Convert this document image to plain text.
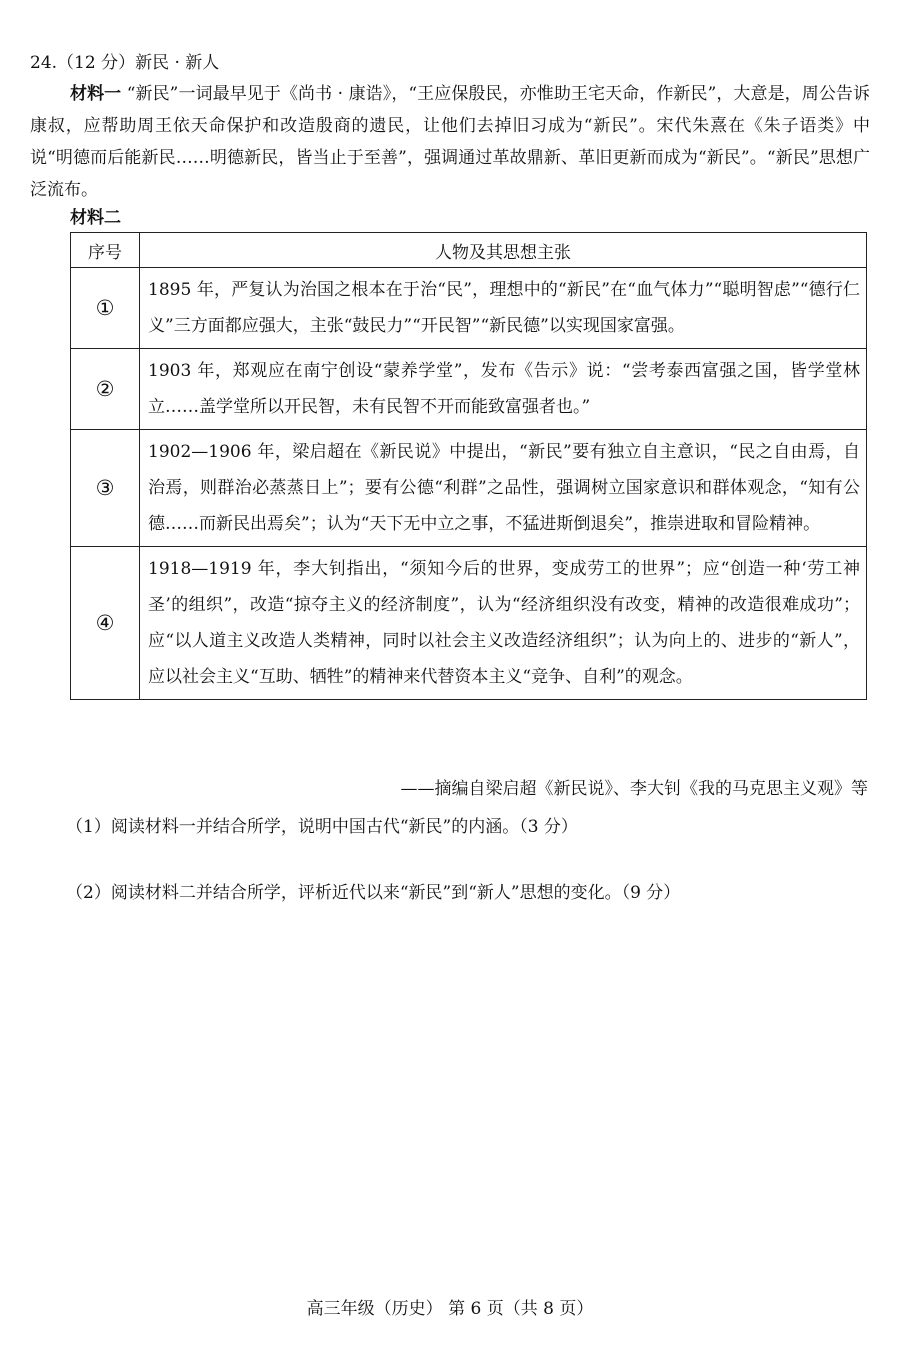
24.（12 分）新民 · 新人
材料一 “新民”一词最早见于《尚书 · 康诰》，“王应保殷民，亦惟助王宅天命，作新民”，大意是，周公告诉康叔，应帮助周王依天命保护和改造殷商的遗民，让他们去掉旧习成为“新民”。宋代朱熹在《朱子语类》中说“明德而后能新民……明德新民，皆当止于至善”，强调通过革故鼎新、革旧更新而成为“新民”。“新民”思想广泛流布。
材料二
序号	人物及其思想主张
①	1895 年，严复认为治国之根本在于治“民”，理想中的“新民”在“血气体力”“聪明智虑”“德行仁义”三方面都应强大，主张“鼓民力”“开民智”“新民德”以实现国家富强。
②	1903 年，郑观应在南宁创设“蒙养学堂”，发布《告示》说：“尝考泰西富强之国，皆学堂林立……盖学堂所以开民智，未有民智不开而能致富强者也。”
③	1902—1906 年，梁启超在《新民说》中提出，“新民”要有独立自主意识，“民之自由焉，自治焉，则群治必蒸蒸日上”；要有公德“利群”之品性，强调树立国家意识和群体观念，“知有公德……而新民出焉矣”；认为“天下无中立之事，不猛进斯倒退矣”，推崇进取和冒险精神。
④	1918—1919 年，李大钊指出，“须知今后的世界，变成劳工的世界”；应“创造一种‘劳工神圣’的组织”，改造“掠夺主义的经济制度”，认为“经济组织没有改变，精神的改造很难成功”；应“以人道主义改造人类精神，同时以社会主义改造经济组织”；认为向上的、进步的“新人”，应以社会主义“互助、牺牲”的精神来代替资本主义“竞争、自利”的观念。
——摘编自梁启超《新民说》、李大钊《我的马克思主义观》等
（1）阅读材料一并结合所学，说明中国古代“新民”的内涵。（3 分）
（2）阅读材料二并结合所学，评析近代以来“新民”到“新人”思想的变化。（9 分）
高三年级（历史） 第 6 页（共 8 页）
